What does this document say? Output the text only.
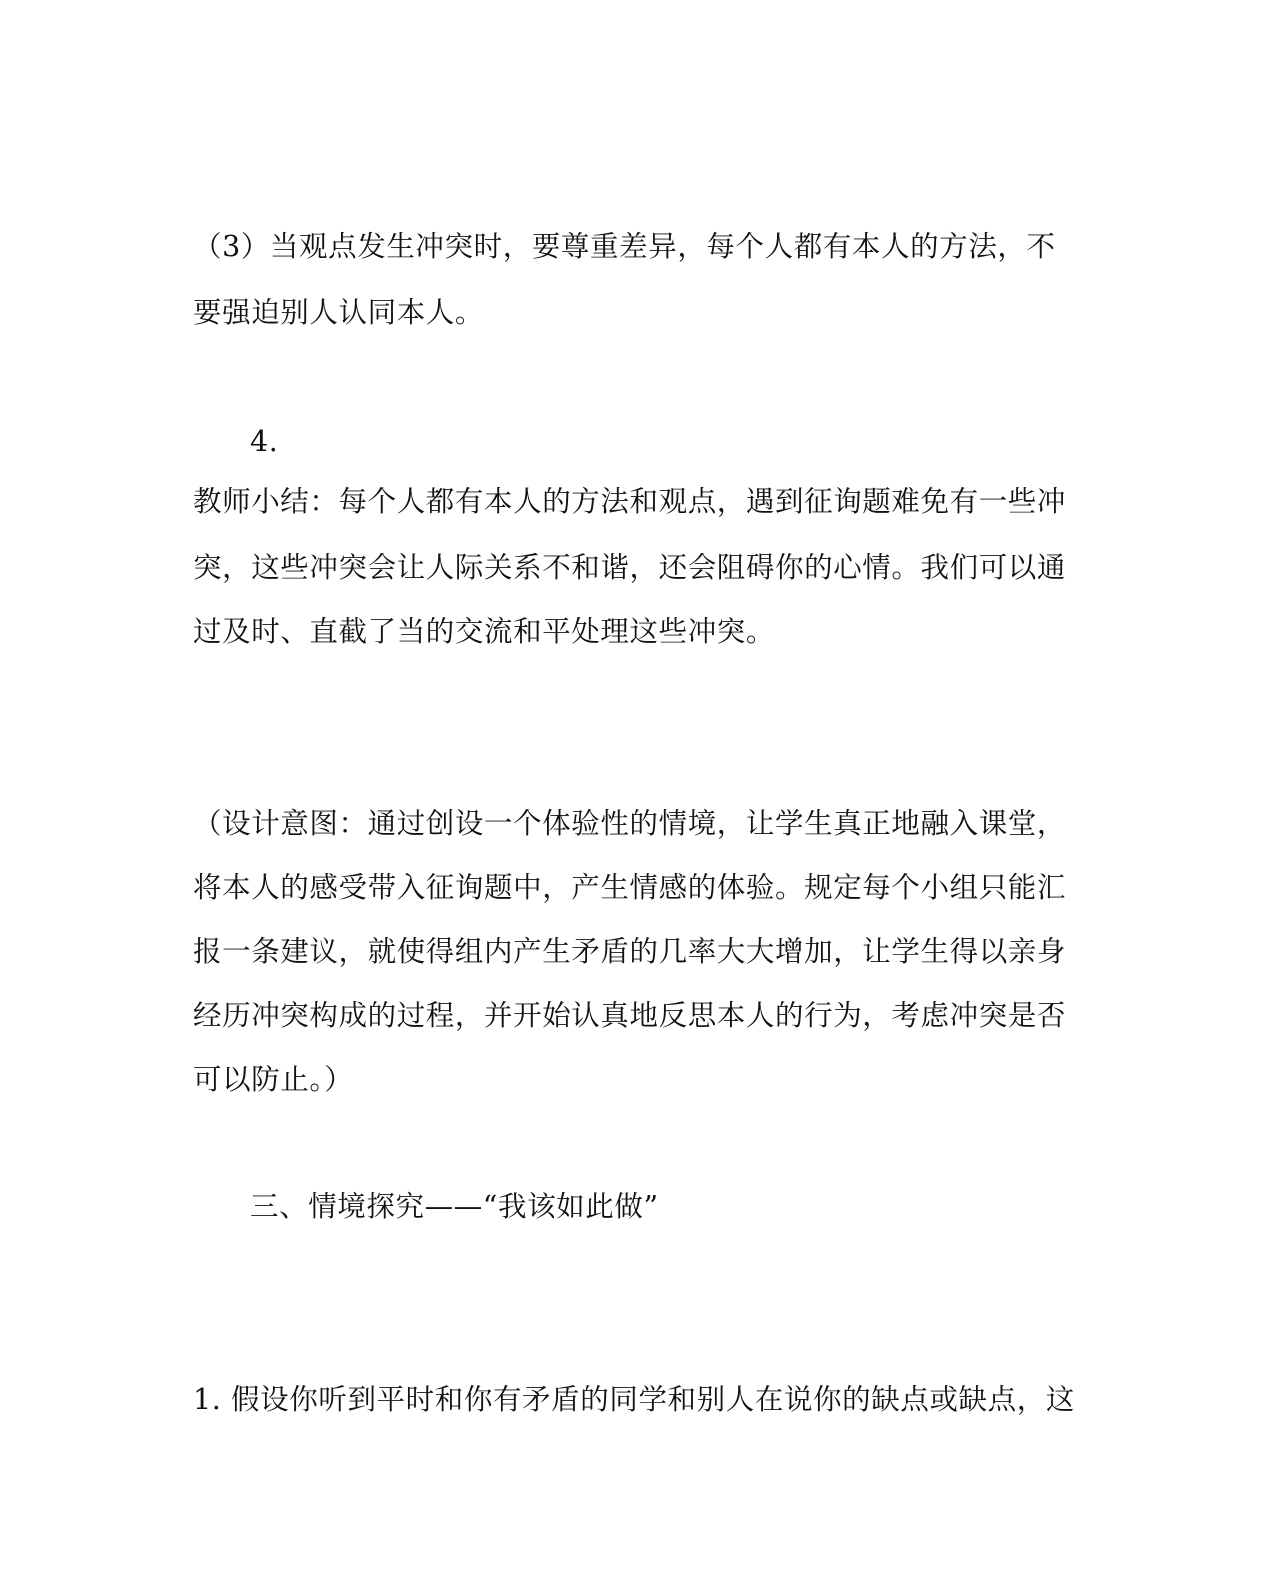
（3）当观点发生冲突时，要尊重差异，每个人都有本人的方法，不
要强迫别人认同本人。
4.
教师小结：每个人都有本人的方法和观点，遇到征询题难免有一些冲
突，这些冲突会让人际关系不和谐，还会阻碍你的心情。我们可以通
过及时、直截了当的交流和平处理这些冲突。
（设计意图：通过创设一个体验性的情境，让学生真正地融入课堂，
将本人的感受带入征询题中，产生情感的体验。规定每个小组只能汇
报一条建议，就使得组内产生矛盾的几率大大增加，让学生得以亲身
经历冲突构成的过程，并开始认真地反思本人的行为，考虑冲突是否
可以防止。）
三、情境探究——“我该如此做”
1. 假设你听到平时和你有矛盾的同学和别人在说你的缺点或缺点，这
